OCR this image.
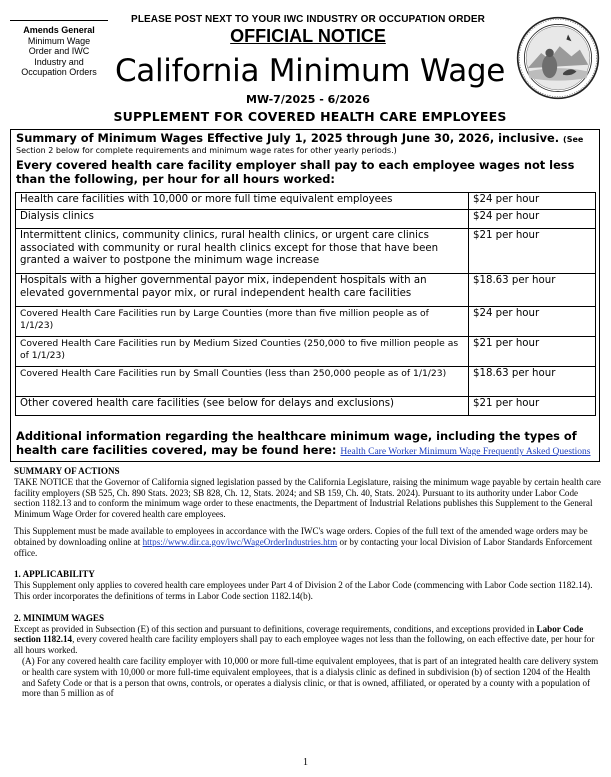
Amends General
Minimum Wage
Order and IWC
Industry and
Occupation Orders
PLEASE POST NEXT TO YOUR IWC INDUSTRY OR OCCUPATION ORDER
OFFICIAL NOTICE
California Minimum Wage
MW-7/2025 - 6/2026
SUPPLEMENT FOR COVERED HEALTH CARE EMPLOYEES
Summary of Minimum Wages Effective July 1, 2025 through June 30, 2026, inclusive. (See
Section 2 below for complete requirements and minimum wage rates for other yearly periods.)
Every covered health care facility employer shall pay to each employee wages not less than the following, per hour for all hours worked:
Health care facilities with 10,000 or more full time equivalent employees	$24 per hour
Dialysis clinics	$24 per hour
Intermittent clinics, community clinics, rural health clinics, or urgent care clinics associated with community or rural health clinics except for those that have been granted a waiver to postpone the minimum wage increase	$21 per hour
Hospitals with a higher governmental payor mix, independent hospitals with an elevated governmental payor mix, or rural independent health care facilities	$18.63 per hour
Covered Health Care Facilities run by Large Counties (more than five million people as of 1/1/23)	$24 per hour
Covered Health Care Facilities run by Medium Sized Counties (250,000 to five million people as of 1/1/23)	$21 per hour
Covered Health Care Facilities run by Small Counties (less than 250,000 people as of 1/1/23)	$18.63 per hour
Other covered health care facilities (see below for delays and exclusions)	$21 per hour
Additional information regarding the healthcare minimum wage, including the types of health care facilities covered, may be found here: Health Care Worker Minimum Wage Frequently Asked Questions

SUMMARY OF ACTIONS

TAKE NOTICE that the Governor of California signed legislation passed by the California Legislature, raising the minimum wage payable by certain health care facility employers (SB 525, Ch. 890 Stats. 2023; SB 828, Ch. 12, Stats. 2024; and SB 159, Ch. 40, Stats. 2024). Pursuant to its authority under Labor Code section 1182.13 and to conform the minimum wage order to these enactments, the Department of Industrial Relations publishes this Supplement to the General Minimum Wage Order for covered health care employees.

This Supplement must be made available to employees in accordance with the IWC's wage orders. Copies of the full text of the amended wage orders may be obtained by downloading online at https://www.dir.ca.gov/iwc/WageOrderIndustries.htm or by contacting your local Division of Labor Standards Enforcement office.

1. APPLICABILITY

This Supplement only applies to covered health care employees under Part 4 of Division 2 of the Labor Code (commencing with Labor Code section 1182.14). This order incorporates the definitions of terms in Labor Code section 1182.14(b).

2. MINIMUM WAGES

Except as provided in Subsection (E) of this section and pursuant to definitions, coverage requirements, conditions, and exceptions provided in Labor Code section 1182.14, every covered health care facility employers shall pay to each employee wages not less than the following, on each effective date, per hour for all hours worked.

(A) For any covered health care facility employer with 10,000 or more full-time equivalent employees, that is part of an integrated health care delivery system or health care system with 10,000 or more full-time equivalent employees, that is a dialysis clinic as defined in subdivision (b) of section 1204 of the Health and Safety Code or that is a person that owns, controls, or operates a dialysis clinic, or that is owned, affiliated, or operated by a county with a population of more than 5 million as of

1
